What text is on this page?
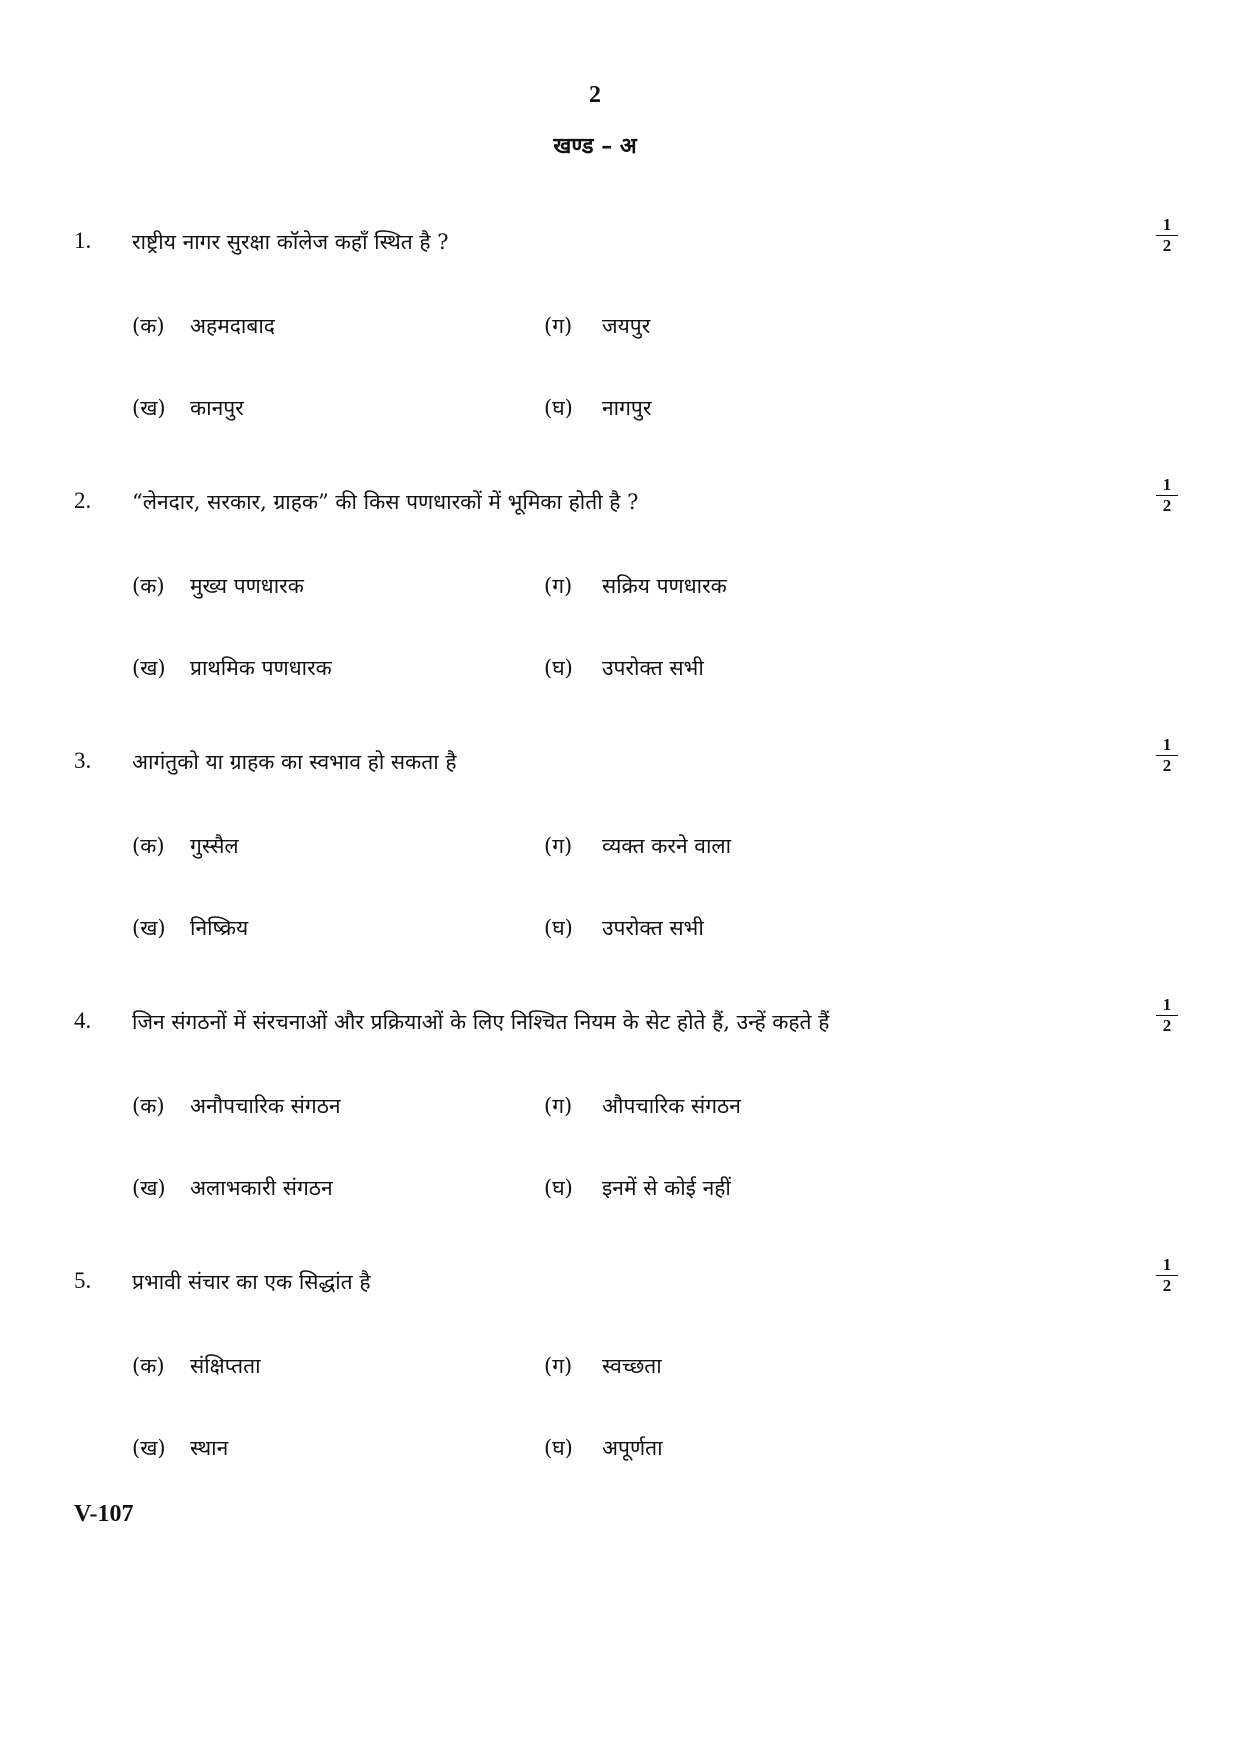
2
खण्ड – अ
1. राष्ट्रीय नागर सुरक्षा कॉलेज कहाँ स्थित है ?	$\frac{1}{2}$
(क) अहमदाबाद
(ख) कानपुर
(ग) जयपुर
(घ) नागपुर
2. “लेनदार, सरकार, ग्राहक” की किस पणधारकों में भूमिका होती है ?	$\frac{1}{2}$
(क) मुख्य पणधारक
(ख) प्राथमिक पणधारक
(ग) सक्रिय पणधारक
(घ) उपरोक्त सभी
3. आगंतुको या ग्राहक का स्वभाव हो सकता है	$\frac{1}{2}$
(क) गुस्सैल
(ख) निष्क्रिय
(ग) व्यक्त करने वाला
(घ) उपरोक्त सभी
4. जिन संगठनों में संरचनाओं और प्रक्रियाओं के लिए निश्चित नियम के सेट होते हैं, उन्हें कहते हैं	$\frac{1}{2}$
(क) अनौपचारिक संगठन
(ख) अलाभकारी संगठन
(ग) औपचारिक संगठन
(घ) इनमें से कोई नहीं
5. प्रभावी संचार का एक सिद्धांत है	$\frac{1}{2}$
(क) संक्षिप्तता
(ख) स्थान
(ग) स्वच्छता
(घ) अपूर्णता
V-107
